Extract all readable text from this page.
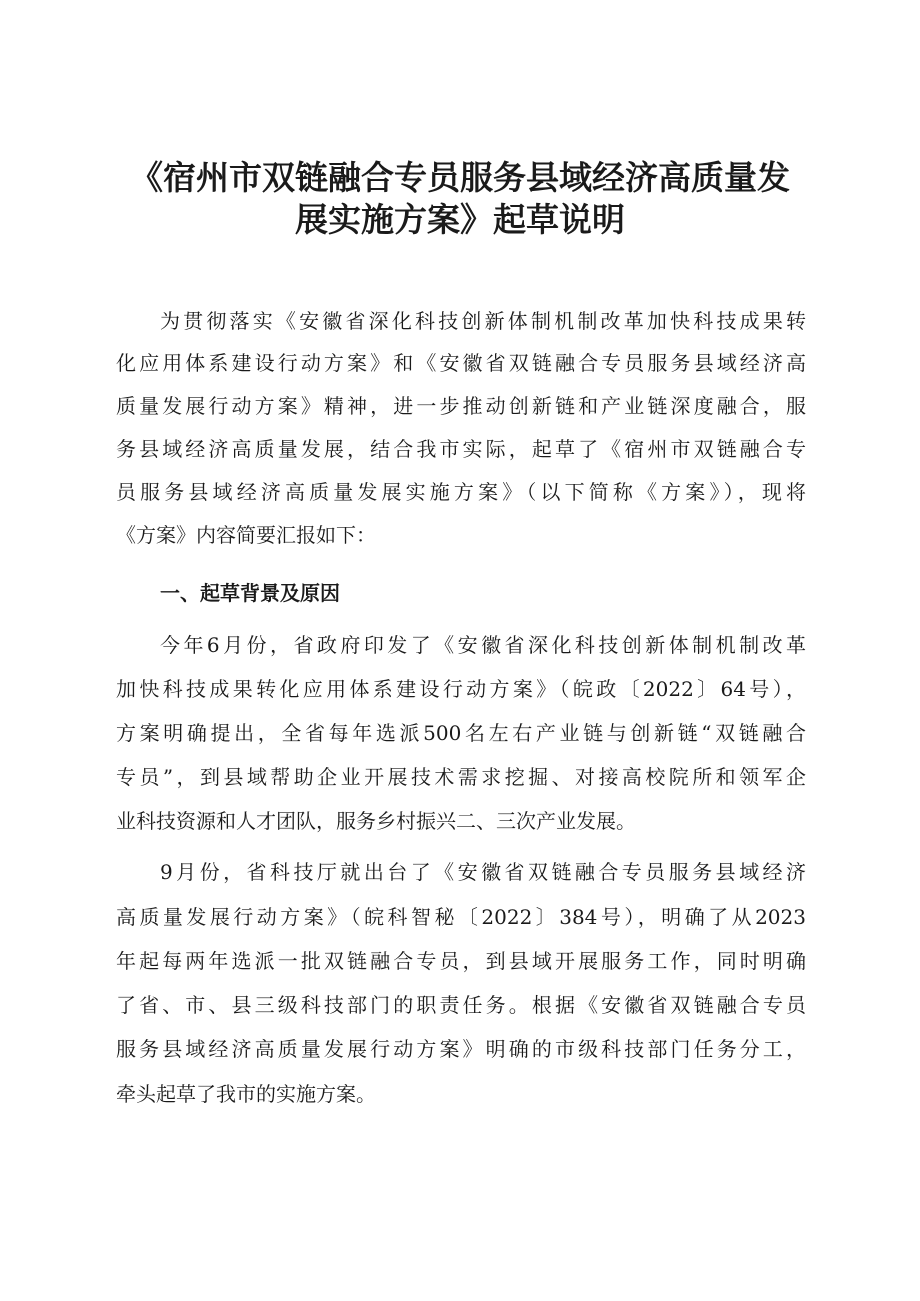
《宿州市双链融合专员服务县域经济高质量发
展实施方案》起草说明
为贯彻落实《安徽省深化科技创新体制机制改革加快科技成果转
化应用体系建设行动方案》和《安徽省双链融合专员服务县域经济高
质量发展行动方案》精神，进一步推动创新链和产业链深度融合，服
务县域经济高质量发展，结合我市实际，起草了《宿州市双链融合专
员服务县域经济高质量发展实施方案》（以下简称《方案》），现将
《方案》内容简要汇报如下：
一、起草背景及原因
今年6月份，省政府印发了《安徽省深化科技创新体制机制改革
加快科技成果转化应用体系建设行动方案》（皖政〔2022〕64号），
方案明确提出，全省每年选派500名左右产业链与创新链“双链融合
专员”，到县域帮助企业开展技术需求挖掘、对接高校院所和领军企
业科技资源和人才团队，服务乡村振兴二、三次产业发展。
9月份，省科技厅就出台了《安徽省双链融合专员服务县域经济
高质量发展行动方案》（皖科智秘〔2022〕384号），明确了从2023
年起每两年选派一批双链融合专员，到县域开展服务工作，同时明确
了省、市、县三级科技部门的职责任务。根据《安徽省双链融合专员
服务县域经济高质量发展行动方案》明确的市级科技部门任务分工，
牵头起草了我市的实施方案。
